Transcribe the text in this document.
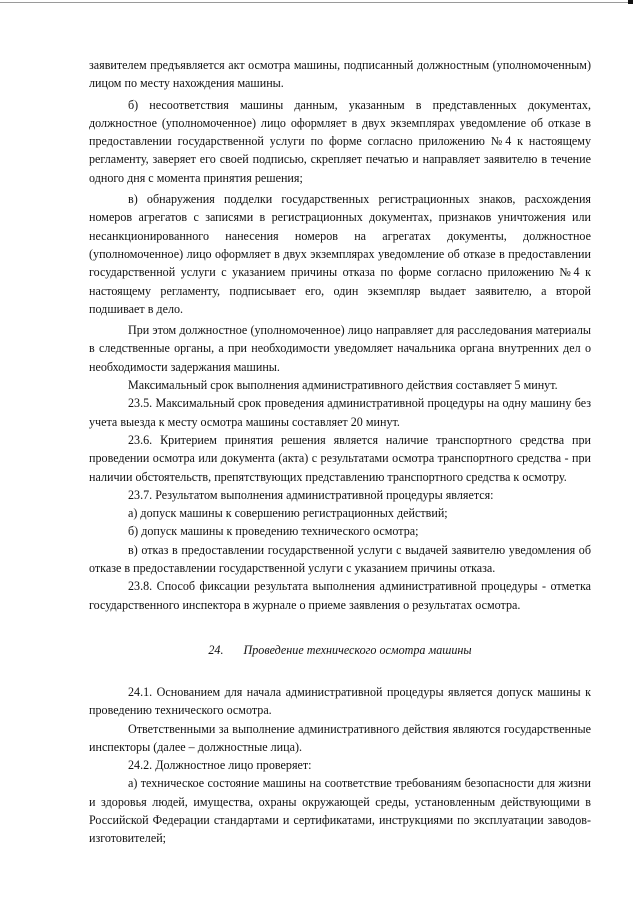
заявителем предъявляется акт осмотра машины, подписанный должностным (уполномоченным) лицом по месту нахождения машины.

б) несоответствия машины данным, указанным в представленных документах, должностное (уполномоченное) лицо оформляет в двух экземплярах уведомление об отказе в предоставлении государственной услуги по форме согласно приложению №4 к настоящему регламенту, заверяет его своей подписью, скрепляет печатью и направляет заявителю в течение одного дня с момента принятия решения;

в) обнаружения подделки государственных регистрационных знаков, расхождения номеров агрегатов с записями в регистрационных документах, признаков уничтожения или несанкционированного нанесения номеров на агрегатах документы, должностное (уполномоченное) лицо оформляет в двух экземплярах уведомление об отказе в предоставлении государственной услуги с указанием причины отказа по форме согласно приложению №4 к настоящему регламенту, подписывает его, один экземпляр выдает заявителю, а второй подшивает в дело.

При этом должностное (уполномоченное) лицо направляет для расследования материалы в следственные органы, а при необходимости уведомляет начальника органа внутренних дел о необходимости задержания машины.

Максимальный срок выполнения административного действия составляет 5 минут.

23.5. Максимальный срок проведения административной процедуры на одну машину без учета выезда к месту осмотра машины составляет 20 минут.

23.6. Критерием принятия решения является наличие транспортного средства при проведении осмотра или документа (акта) с результатами осмотра транспортного средства - при наличии обстоятельств, препятствующих представлению транспортного средства к осмотру.

23.7. Результатом выполнения административной процедуры является:

а) допуск машины к совершению регистрационных действий;

б) допуск машины к проведению технического осмотра;

в) отказ в предоставлении государственной услуги с выдачей заявителю уведомления об отказе в предоставлении государственной услуги с указанием причины отказа.

23.8. Способ фиксации результата выполнения административной процедуры - отметка государственного инспектора в журнале о приеме заявления о результатах осмотра.

24. Проведение технического осмотра машины

24.1. Основанием для начала административной процедуры является допуск машины к проведению технического осмотра.

Ответственными за выполнение административного действия являются государственные инспекторы (далее – должностные лица).

24.2. Должностное лицо проверяет:

а) техническое состояние машины на соответствие требованиям безопасности для жизни и здоровья людей, имущества, охраны окружающей среды, установленным действующими в Российской Федерации стандартами и сертификатами, инструкциями по эксплуатации заводов-изготовителей;
